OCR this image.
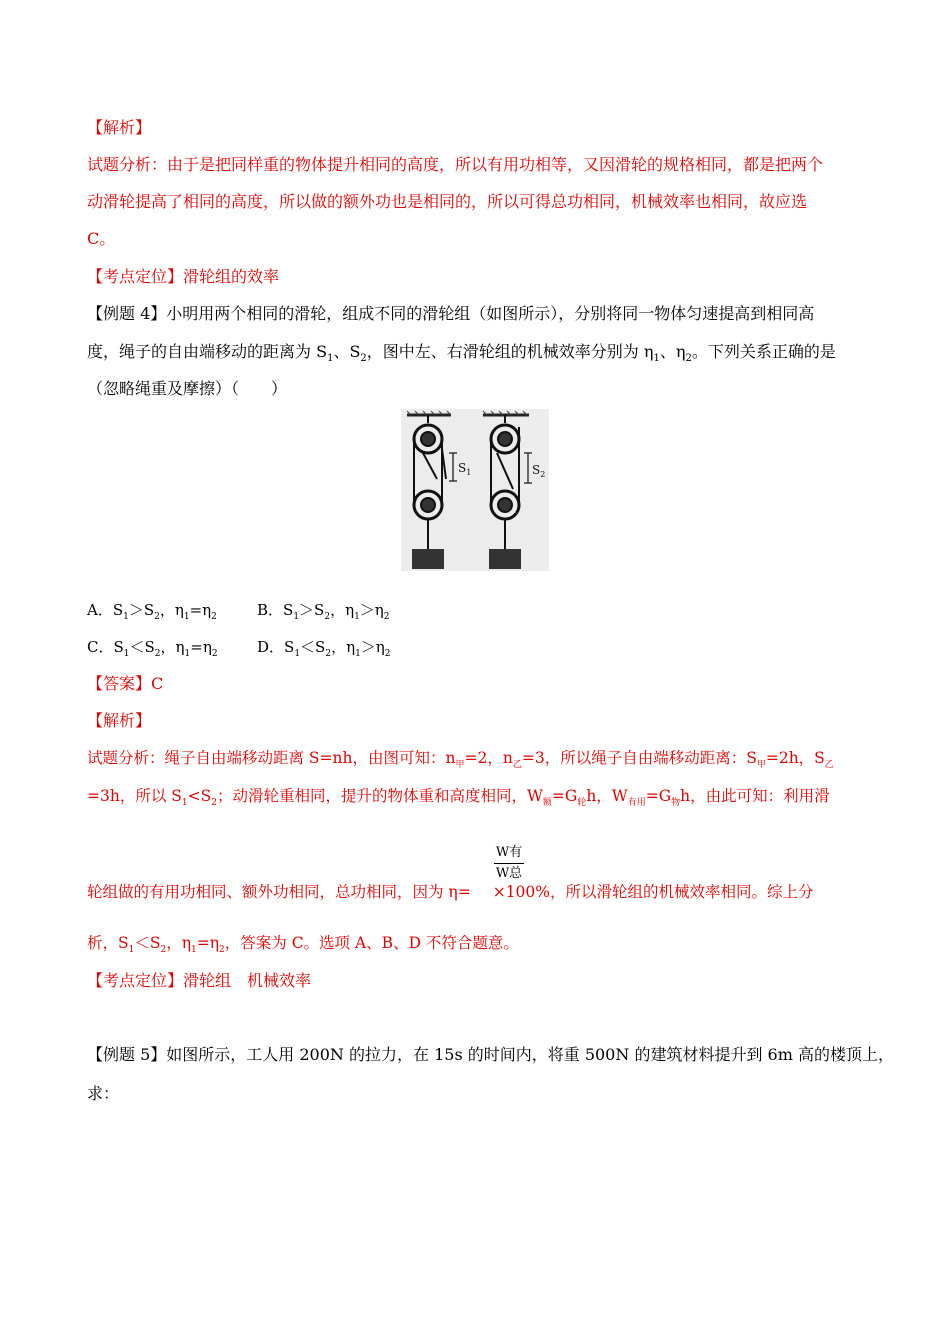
【解析】
试题分析：由于是把同样重的物体提升相同的高度，所以有用功相等，又因滑轮的规格相同，都是把两个
动滑轮提高了相同的高度，所以做的额外功也是相同的，所以可得总功相同，机械效率也相同，故应选
C。
【考点定位】滑轮组的效率
【例题 4】小明用两个相同的滑轮，组成不同的滑轮组（如图所示），分别将同一物体匀速提高到相同高
度，绳子的自由端移动的距离为 $S_1$、$S_2$，图中左、右滑轮组的机械效率分别为 $\eta_1$、$\eta_2$。下列关系正确的是
（忽略绳重及摩擦）（　　）
$S_1$	$S_2$
A．$S_1>S_2$，$\eta_1=\eta_2$	B．$S_1>S_2$，$\eta_1>\eta_2$
C．$S_1<S_2$，$\eta_1=\eta_2$	D．$S_1<S_2$，$\eta_1>\eta_2$
【答案】C
【解析】
试题分析：绳子自由端移动距离 S=nh，由图可知：$n_甲=2$，$n_乙=3$，所以绳子自由端移动距离：$S_甲=2h$，$S_乙$
=3h，所以 $S_1<S_2$；动滑轮重相同，提升的物体重和高度相同，$W_额=G_轮h$，$W_{有用}=G_物h$，由此可知：利用滑
W有
W总
轮组做的有用功相同、额外功相同，总功相同，因为 η= ×100%，所以滑轮组的机械效率相同。综上分
析，$S_1<S_2$，$\eta_1=\eta_2$，答案为 C。选项 A、B、D 不符合题意。
【考点定位】滑轮组　机械效率
【例题 5】如图所示，工人用 200N 的拉力，在 15s 的时间内，将重 500N 的建筑材料提升到 6m 高的楼顶上，
求：
